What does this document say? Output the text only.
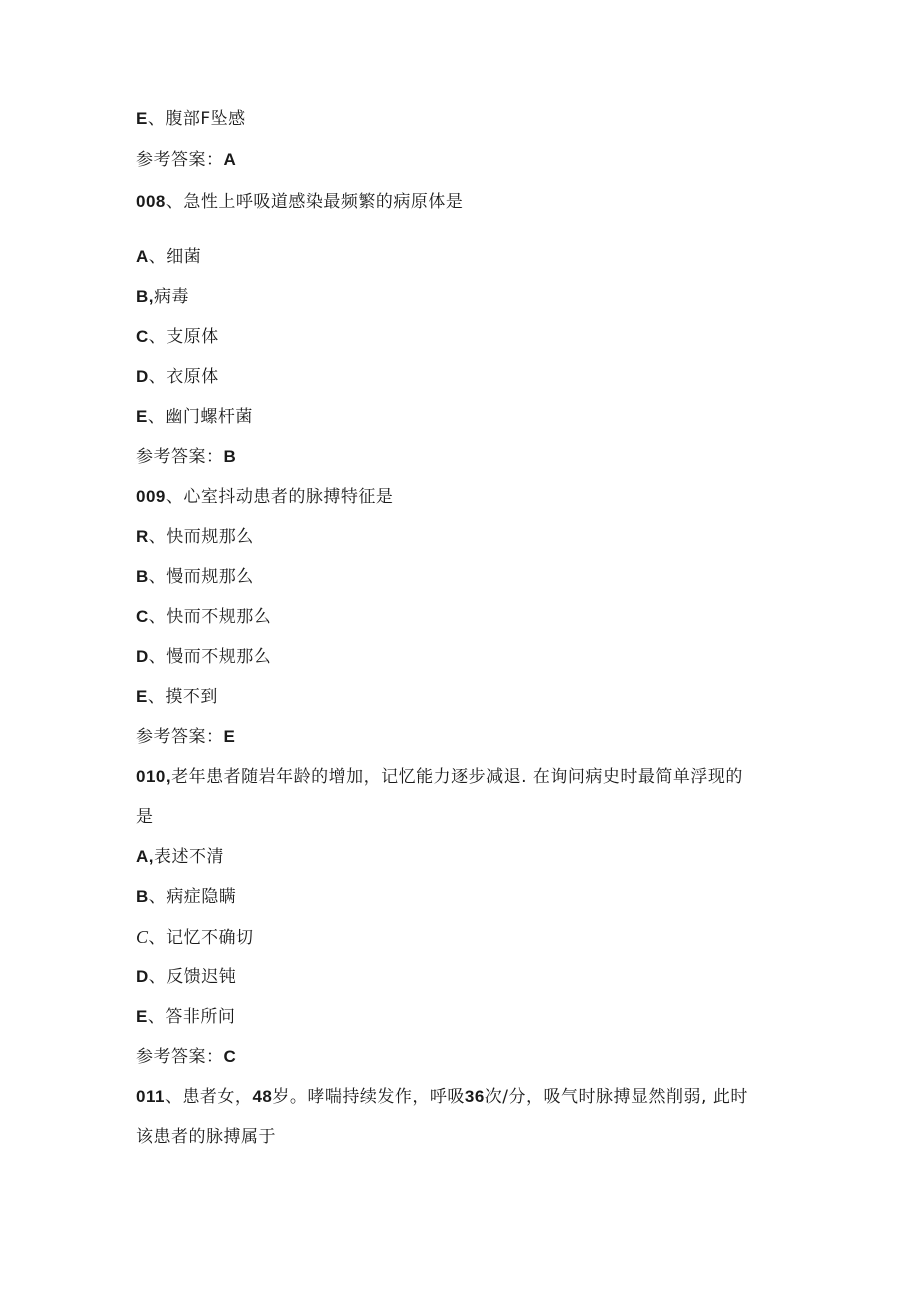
E、腹部F坠感
参考答案：A
008、急性上呼吸道感染最频繁的病原体是
A、细菌
B,病毒
C、支原体
D、衣原体
E、幽门螺杆菌
参考答案：B
009、心室抖动患者的脉搏特征是
R、快而规那么
B、慢而规那么
C、快而不规那么
D、慢而不规那么
E、摸不到
参考答案：E
010,老年患者随岩年龄的增加，记忆能力逐步减退. 在询问病史时最简单浮现的
是
A,表述不清
B、病症隐瞒
C、记忆不确切
D、反馈迟钝
E、答非所问
参考答案：C
011、患者女，48岁。哮喘持续发作，呼吸36次/分，吸气时脉搏显然削弱, 此时
该患者的脉搏属于
